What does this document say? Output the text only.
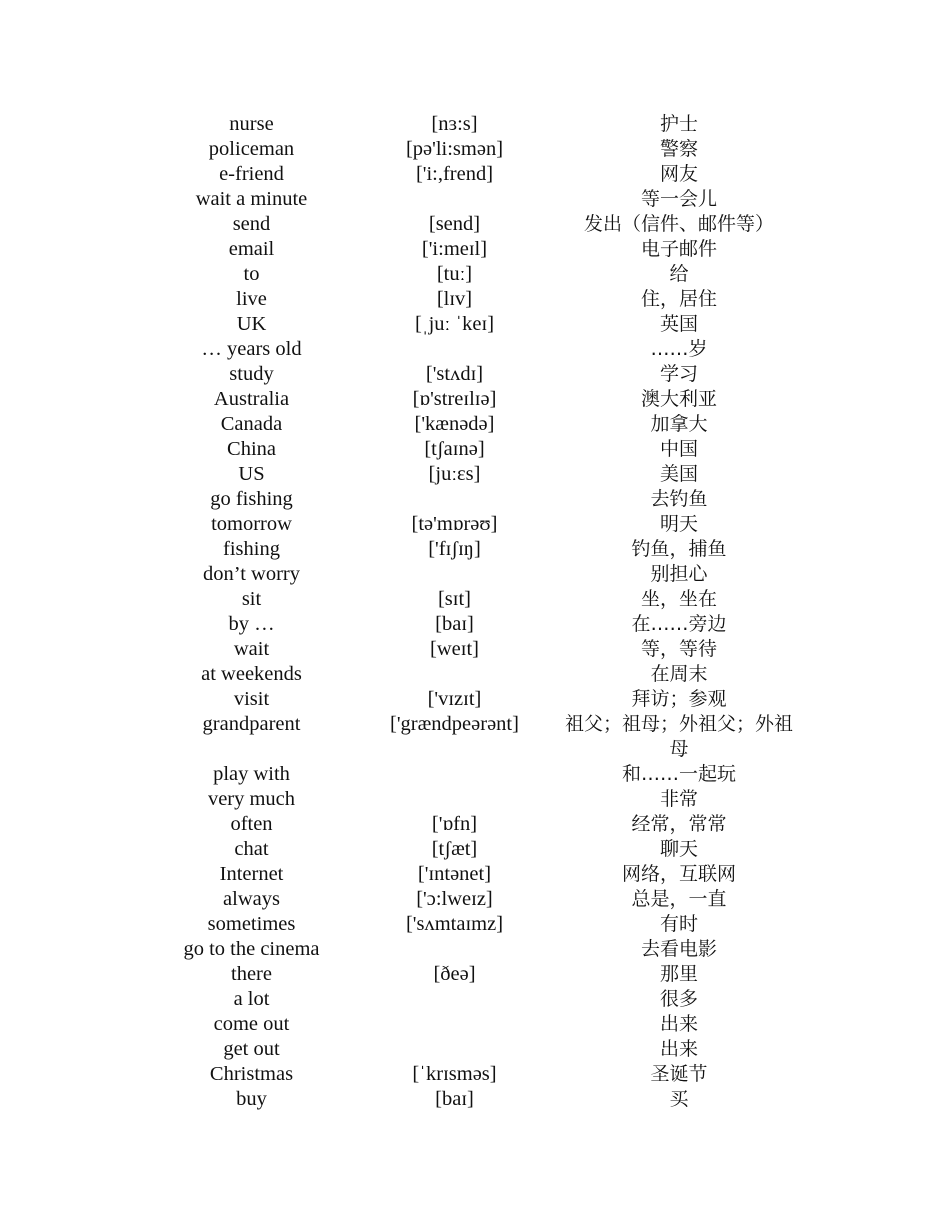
nurse	[nɜ:s]	护士
policeman	[pə'li:smən]	警察
e-friend	['i:,frend]	网友
wait a minute		等一会儿
send	[send]	发出（信件、邮件等）
email	['i:meɪl]	电子邮件
to	[tuː]	给
live	[lɪv]	住，居住
UK	[ˌjuː ˈkeɪ]	英国
… years old		……岁
study	['stʌdɪ]	学习
Australia	[ɒ'streɪlɪə]	澳大利亚
Canada	['kænədə]	加拿大
China	[tʃaɪnə]	中国
US	[juːɛs]	美国
go fishing		去钓鱼
tomorrow	[tə'mɒrəʊ]	明天
fishing	['fɪʃɪŋ]	钓鱼，捕鱼
don’t worry		别担心
sit	[sɪt]	坐，坐在
by …	[baɪ]	在……旁边
wait	[weɪt]	等，等待
at weekends		在周末
visit	['vɪzɪt]	拜访；参观
grandparent	['grændpeərənt]	祖父；祖母；外祖父；外祖母
play with		和……一起玩
very much		非常
often	['ɒfn]	经常，常常
chat	[tʃæt]	聊天
Internet	['ɪntənet]	网络，互联网
always	['ɔ:lweɪz]	总是，一直
sometimes	['sʌmtaɪmz]	有时
go to the cinema		去看电影
there	[ðeə]	那里
a lot		很多
come out		出来
get out		出来
Christmas	[ˈkrɪsməs]	圣诞节
buy	[baɪ]	买
